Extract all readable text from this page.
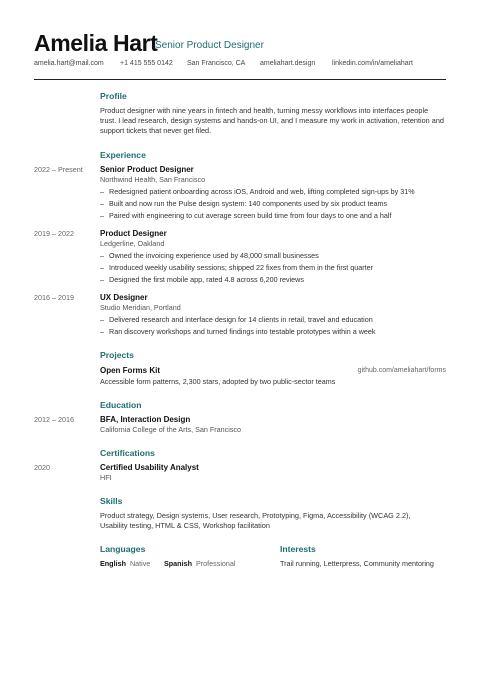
Amelia Hart
Senior Product Designer
amelia.hart@mail.com	+1 415 555 0142	San Francisco, CA	ameliahart.design	linkedin.com/in/ameliahart
Profile
Product designer with nine years in fintech and health, turning messy workflows into interfaces people trust. I lead research, design systems and hands-on UI, and I measure my work in activation, retention and support tickets that never get filed.
Experience
2022 – Present Senior Product Designer
Northwind Health, San Francisco
– Redesigned patient onboarding across iOS, Android and web, lifting completed sign-ups by 31%
– Built and now run the Pulse design system: 140 components used by six product teams
– Paired with engineering to cut average screen build time from four days to one and a half
2019 – 2022	Product Designer
Ledgerline, Oakland
– Owned the invoicing experience used by 48,000 small businesses
– Introduced weekly usability sessions; shipped 22 fixes from them in the first quarter
– Designed the first mobile app, rated 4.8 across 6,200 reviews
2016 – 2019	UX Designer
Studio Meridian, Portland
– Delivered research and interface design for 14 clients in retail, travel and education
– Ran discovery workshops and turned findings into testable prototypes within a week
Projects
Open Forms Kit	github.com/ameliahart/forms
Accessible form patterns, 2,300 stars, adopted by two public-sector teams
Education
2012 – 2016	BFA, Interaction Design
California College of the Arts, San Francisco
Certifications
2020	Certified Usability Analyst
HFI
Skills
Product strategy, Design systems, User research, Prototyping, Figma, Accessibility (WCAG 2.2), Usability testing, HTML & CSS, Workshop facilitation
Languages
English Native Spanish Professional
Interests
Trail running, Letterpress, Community mentoring
